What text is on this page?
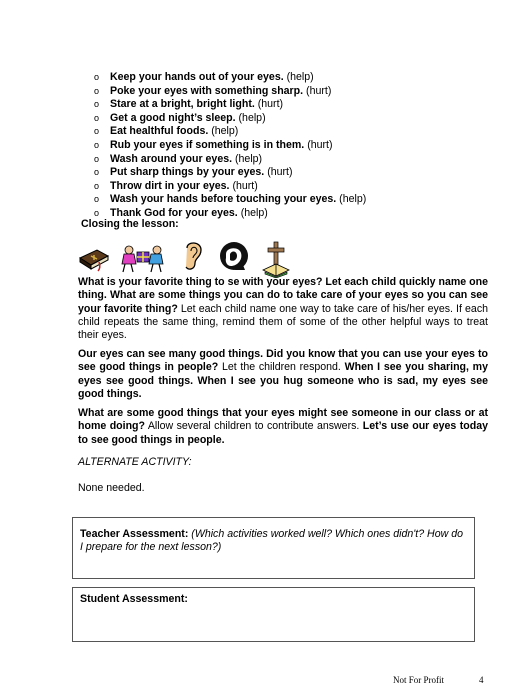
o Keep your hands out of your eyes. (help)
o Poke your eyes with something sharp. (hurt)
o Stare at a bright, bright light. (hurt)
o Get a good night’s sleep. (help)
o Eat healthful foods. (help)
o Rub your eyes if something is in them. (hurt)
o Wash around your eyes. (help)
o Put sharp things by your eyes. (hurt)
o Throw dirt in your eyes. (hurt)
o Wash your hands before touching your eyes. (help)
o Thank God for your eyes. (help)
Closing the lesson:
What is your favorite thing to se with your eyes? Let each child quickly name one thing. What are some things you can do to take care of your eyes so you can see your favorite thing? Let each child name one way to take care of his/her eyes. If each child repeats the same thing, remind them of some of the other helpful ways to treat their eyes.
Our eyes can see many good things. Did you know that you can use your eyes to see good things in people? Let the children respond. When I see you sharing, my eyes see good things. When I see you hug someone who is sad, my eyes see good things.
What are some good things that your eyes might see someone in our class or at home doing? Allow several children to contribute answers. Let’s use our eyes today to see good things in people.
ALTERNATE ACTIVITY:
None needed.
Teacher Assessment: (Which activities worked well? Which ones didn't? How do I prepare for the next lesson?)
Student Assessment:
Not For Profit	4
